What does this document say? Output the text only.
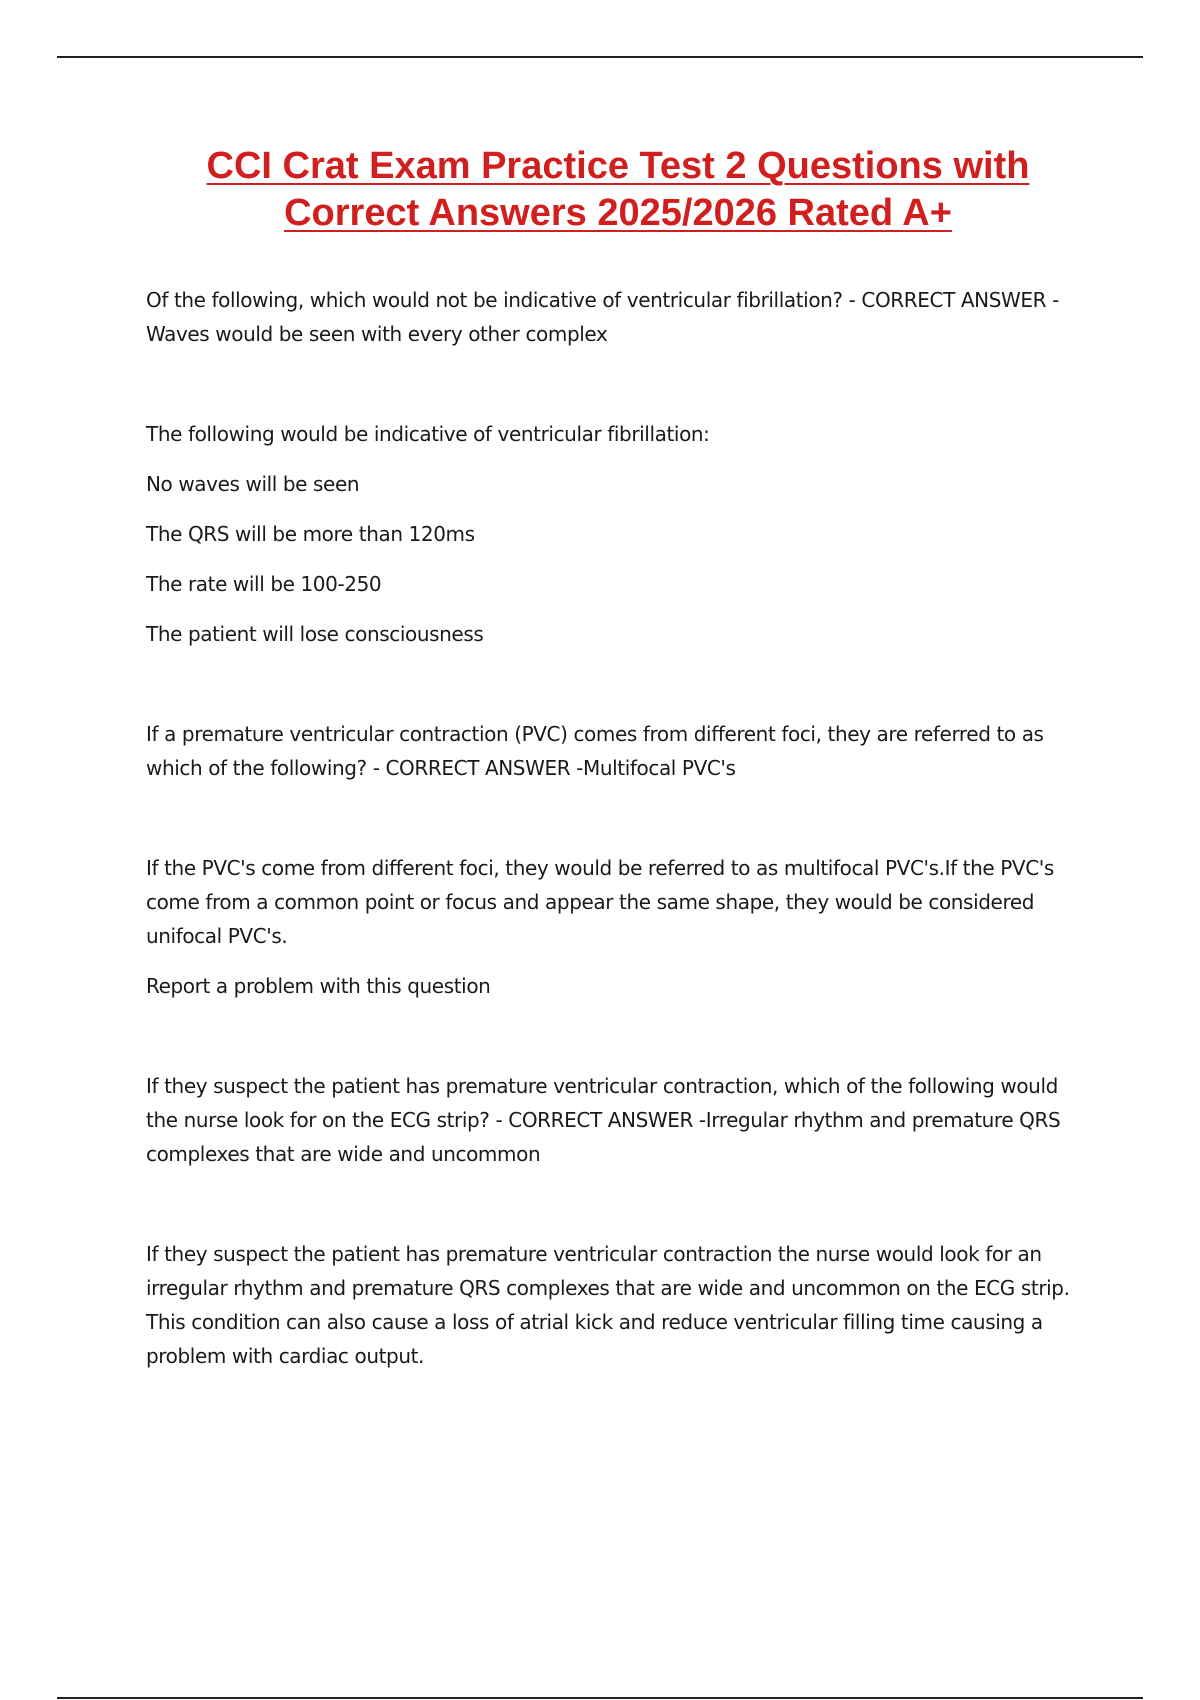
CCI Crat Exam Practice Test 2 Questions with
Correct Answers 2025/2026 Rated A+

Of the following, which would not be indicative of ventricular fibrillation? - CORRECT ANSWER - Waves would be seen with every other complex

The following would be indicative of ventricular fibrillation:

No waves will be seen

The QRS will be more than 120ms

The rate will be 100-250

The patient will lose consciousness

If a premature ventricular contraction (PVC) comes from different foci, they are referred to as which of the following? - CORRECT ANSWER -Multifocal PVC's

If the PVC's come from different foci, they would be referred to as multifocal PVC's.If the PVC's come from a common point or focus and appear the same shape, they would be considered unifocal PVC's.

Report a problem with this question

If they suspect the patient has premature ventricular contraction, which of the following would the nurse look for on the ECG strip? - CORRECT ANSWER -Irregular rhythm and premature QRS complexes that are wide and uncommon

If they suspect the patient has premature ventricular contraction the nurse would look for an irregular rhythm and premature QRS complexes that are wide and uncommon on the ECG strip. This condition can also cause a loss of atrial kick and reduce ventricular filling time causing a problem with cardiac output.
